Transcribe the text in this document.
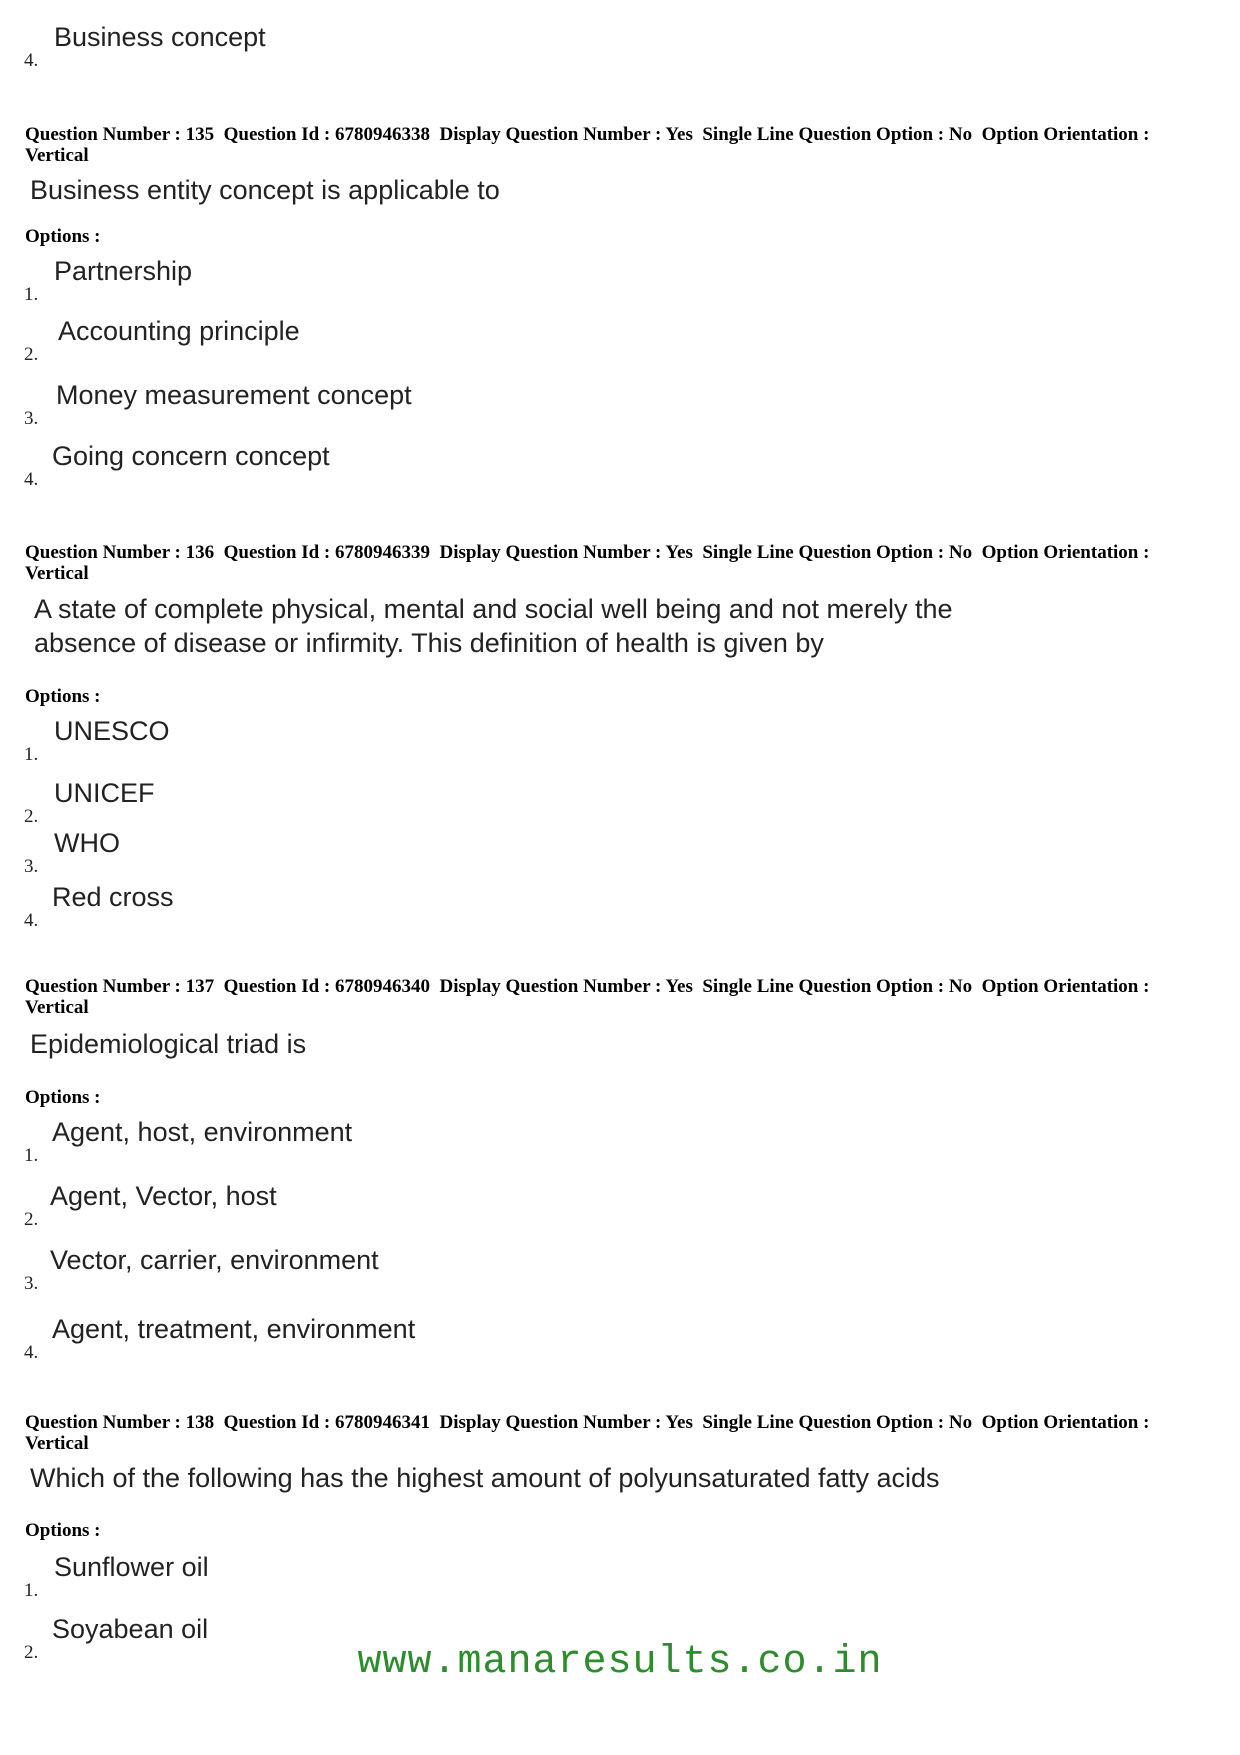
4.
Business concept
Question Number : 135  Question Id : 6780946338  Display Question Number : Yes  Single Line Question Option : No  Option Orientation : Vertical
Business entity concept is applicable to
Options :
1.
Partnership
2.
Accounting principle
3.
Money measurement concept
4.
Going concern concept
Question Number : 136  Question Id : 6780946339  Display Question Number : Yes  Single Line Question Option : No  Option Orientation : Vertical
A state of complete physical, mental and social well being and not merely the
absence of disease or infirmity. This definition of health is given by
Options :
1.
UNESCO
2.
UNICEF
3.
WHO
4.
Red cross
Question Number : 137  Question Id : 6780946340  Display Question Number : Yes  Single Line Question Option : No  Option Orientation : Vertical
Epidemiological triad is
Options :
1.
Agent, host, environment
2.
Agent, Vector, host
3.
Vector, carrier, environment
4.
Agent, treatment, environment
Question Number : 138  Question Id : 6780946341  Display Question Number : Yes  Single Line Question Option : No  Option Orientation : Vertical
Which of the following has the highest amount of polyunsaturated fatty acids
Options :
1.
Sunflower oil
2.
Soyabean oil
www.manaresults.co.in
